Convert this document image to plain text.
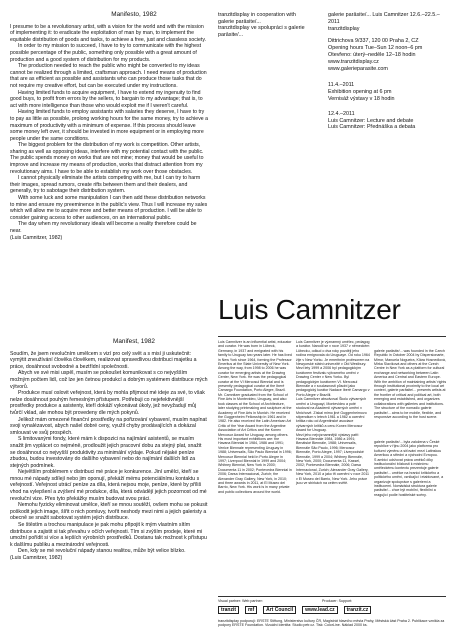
Manifesto, 1982

I presume to be a revolutionary artist, with a vision for the world and with the mission of implementing it: to eradicate the exploitation of man by man, to implement the equitable distribution of goods and tasks, to achieve a free, just and classless society.

In order to my mission to succeed, I have to try to communicate with the highest possible percentage of the public, something only possible with a great amount of production and a good system of distribution for my products.

The production needed to reach the public who might be converted to my ideas cannot be realized through a limited, craftsman approach. I need means of production that are as efficient as possible and assistants who can produce those tasks that do not require my creative effort, but can be executed under my instructions.

Having limited funds to acquire equipment, I have to extend my ingenuity to find good buys, to profit from errors by the sellers, to bargain to my advantage; that is, to act with more intelligence than those who would exploit me if I weren't careful.

Having limited funds to employ assistants with salaries they deserve, I have to try to pay as little as possible, prolong working hours for the same money, try to achieve a maximum of productivity with a minimum of expense. If this process should leave some money left over, it should be invested in more equipment or in employing more people under the same conditions.

The biggest problem for the distribution of my work is competition. Other artists, sharing as well as opposing ideas, interfere with my potential contact with the public. The public spends money on works that are not mine; money that would be useful to improve and increase my means of production, works that distract attention from my revolutionary aims. I have to be able to establish my work over those obstacles.

I cannot physically eliminate the artists competing with me, but I can try to harm their images, spread rumors, create rifts between them and their dealers, and generally, try to sabotage their distribution system.

With some luck and some manipulation I can then add these distribution networks to mine and ensure my preeminence in the public's view. Thus I will increase my sales which will allow me to acquire more and better means of production. I will be able to consider gaining access to other audiences, on an international public.

The day when my revolutionary ideals will become a reality therefore could be near.

(Luis Camnitzer, 1982)

Manifest, 1982

Soudím, že jsem revolučním umělcem s vizí pro celý svět a s misí ji uskutečnit: vymýtit zneužívání člověka člověkem, realizovat spravedlivou distribuci majetku a práce, dosáhnout svobodné a beztřídní společnosti.

Abych ve své misi uspěl, musím se pokoušet komunikovat s co nejvyšším možným počtem lidí, což lze jen četnou produkcí a dobrým systémem distribuce mých výtvorů.

Produkce musí oslovit veřejnost, která by mohla přijmout mé ideje za své, to však nelze dosáhnout pouhým řemeslným přístupem. Potřebuji co nejefektivnější prostředky produkce a asistenty, kteří dokáží vykonávat úkoly, jež nevyžadují můj tvůrčí vklad, ale mohou být provedeny dle mých pokynů.

Jelikož mám omezené finanční prostředky na pořizování vybavení, musím napínat svoji vynalézavost, abych našel dobré ceny, využil chyby prodávajících a dokázal smlouvat ve svůj prospěch.

S limitovanými fondy, které mám k dispozici na najímání asistentů, se musím snažit jim vyplácet co nejméně, prodloužit jejich pracovní dobu za stejný plat, snažit se dosáhnout co nejvyšší produktivity za minimální výdaje. Pokud nějaké peníze zbudou, budou investovány do dalšího vybavení nebo do najímání dalších lidí za stejných podmínek.

Největším problémem v distribuci mé práce je konkurence. Jiní umělci, kteří se mnou mé nápady sdílejí nebo jim oponují, překáží mému potenciálnímu kontaktu s veřejností. Veřejnost utrácí peníze za díla, která nejsou moje, peníze, které by příliš vhod na vylepšení a zvýšení mé produkce, díla, která odvádějí jejich pozornost od mé revoluční vize. Přes tyto překážky musím budovat svou práci.

Nemohu fyzicky eliminovat umělce, kteří se mnou soutěží, ovšem mohu se pokusit poškodit jejich image, šířit o nich pomluvy, tvořit neshody mezi nimi a jejich galeristy a obecně se snažit sabotovat systém jejich distribuce.

Se štěstím a trochou manipulace je pak mohu připojit k mým vlastním sítím distribuce a zajistit si tak převahu v očích veřejnosti. Tím si zvýším prodeje, které mi umožní pořídit si více a lepších výrobních prostředků. Dostanu tak možnost k přístupu k dalšímu publiku a mezinárodní veřejnosti.

Den, kdy se mé revoluční nápady stanou realitou, může být velice blízko.

(Luis Camnitzer, 1982)

tranzitdisplay in cooperation with galerie parāsite/...
tranzitdisplay ve spolupráci s galerie parāsite/...
galerie parāsite/... Luis Camnitzer 12.6.–22.5.–2011
tranzitdisplay
Dittrichova 9/337, 120 00 Praha 2, CZ
Opening hours Tue–Sun 12 noon–6 pm
Otevřeno: úterý–neděle 12–18 hodin
www.tranzitdisplay.cz
www.galerieparasite.com
11.4.–2011
Exhibition opening at 6 pm
Vernisáž výstavy v 18 hodin
12.4.–2011
Luis Camnitzer: Lecture and debate
Luis Camnitzer: Přednáška a debata
Luis Camnitzer
Luis Camnitzer is an influential artist, educator and curator. He was born in Lübeck, Germany, in 1937 and emigrated with his family to Uruguay two years later. He has lived in New York since 1964, forming the Professor Emeritus at the State University of New York. Among the way, from 1998 to 2006 he was curator for emerging artists at the Drawing Center, New York. He was the pedagogical curator at the VI Mercosul Biennial and is presently pedagogical curator at the Iberê Camargo Foundation, Porto Alegre, Brazil.
Mr. Camnitzer graduated from the School of Fine Arts in Montevideo, Uruguay, and also took classes at the School of Architecture, later studying printmaking and sculpture at the Academy of Fine Arts in Munich. He received the Guggenheim Fellowship in 1961 and in 1982. He also received the Latin American Art Critic of the Year Award from the Argentine Association of Art Critics and the Konex Mercosur Award for Uruguay, among others.
His most important exhibitions are: the Havana Biennial in 1984, 1986 and 1991; Venice Biennale representing Uruguay in 1988; Universalis, São Paulo Biennial in 1996; Mercosur Biennial held in Porto Alegre in 1997; Liverpool Biennial in 1999 and 2004; Whitney Biennial, New York in 2000; Documenta 11 in 2002; Pontevedra Biennial in 2006; Darsa Internacional, Zurich; the Alexander Gray Gallery, New York, in 2010; and three awards in 2011, at El Museo del Barrio, New York. His work is in many private and public collections around the world.
Luis Camnitzer je významný umělec, pedagog a kurátor. Narodil se v roce 1937 v německém Lübecku, odkud o dva roky později jeho rodina emigrovala do Uruguaye. Od roku 1964 žije v New Yorku. Je emeritním profesorem na Newyorské státní univerzitě v Old Westbury. Mezi lety 1999 a 2006 byl pedagogickým kurátorem festivalu výtvarného umění v Drawing Center v New Yorku. Byl pedagogickým kurátorem VI. Mercosul Biennále a v současnosti působí jako pedagogický kurátor Nadace Iberê Camargo v Porto Alegre v Brazílii.
Luis Camnitzer absolvoval Školu výtvarných umění a Uruguayi, Montevideu a poté studoval na Akademii výtvarných umění v Mnichově. Získal mimo jiné Guggenheimovo stipendium v letech 1961 a 1982 a ocenění kritika roku od Argentinské asociace výtvarných kritiků a cenu Konex Mercosur Award for Uruguay.
Mezi jeho nejvýznamnější výstavy patří: Havana Biennále 1984, 1986 a 1991; Benátské Biennále, 1988; Universalis, Biennále São Paulo, 1996; Mercosur Biennále, Porto Alegre, 1997; Liverpoolské Biennále, 1999 a 2004; Whitney Biennále, New York, 2000; Documenta 11, Kassel, 2002; Pontevedra Biennále, 2006; Darsa Internacional, Zurich; Alexander Gray Gallery, New York, 2010 a jako tři ocenění v roce 2011 v El Museo del Barrio, New York. Jeho práce jsou ve sbírkách na celém světě.

galerie parāsite/... was founded in the Czech Republic in October 2004 by Dispersionarte, Mirror, Manuela Nogueira, Klára Hosnedlová, Mirka Slavíková and others at the Czech Centre in New York as a platform for cultural exchange and networking between Latin America and Central and Eastern Europe.
With the ambition of maintaining artists' rights through institutional proximity to the local art context, galerie parāsite/... presents artists at the frontier of critical and political art, both emerging and established, and organizes collaborations with galleries and institutions. The structure of the nomadic galerie parāsite/... aims to be mobile, flexible, and responsive according to the host scene.

galerie parāsite/... byla založena v České republice v říjnu 2004 jako platforma pro kulturní výměnu a síťování mezi Latinskou Amerikou a střední a východní Evropou.
S ambicí udržovat práva umělců díky institucionální blízkosti k místnímu uměleckému kontextu prezentuje galerie parāsite/... umělce na hranici kritického a politického umění, vznikající i etablované, a organizuje spolupráce s galeriemi a institucemi. Nomádská struktura galerie parāsite/... chce být mobilní, flexibilní a reagující podle hostitelské scény.

Visual partner: Web partner:	Producer: Support:
tranzit	mf	Art Council	www.lead.cz	tranzit.cz
tranzitdisplay podporují: ERSTE Stiftung, Ministerstvo kultury ČR, Magistrát hlavního města Prahy, Městská část Praha 2. Publikace vznikla za podpory ERSTE Foundation. Vizuální identita: Studio petr.cz. Tisk: ColorLine. Náklad 2000 ks.
